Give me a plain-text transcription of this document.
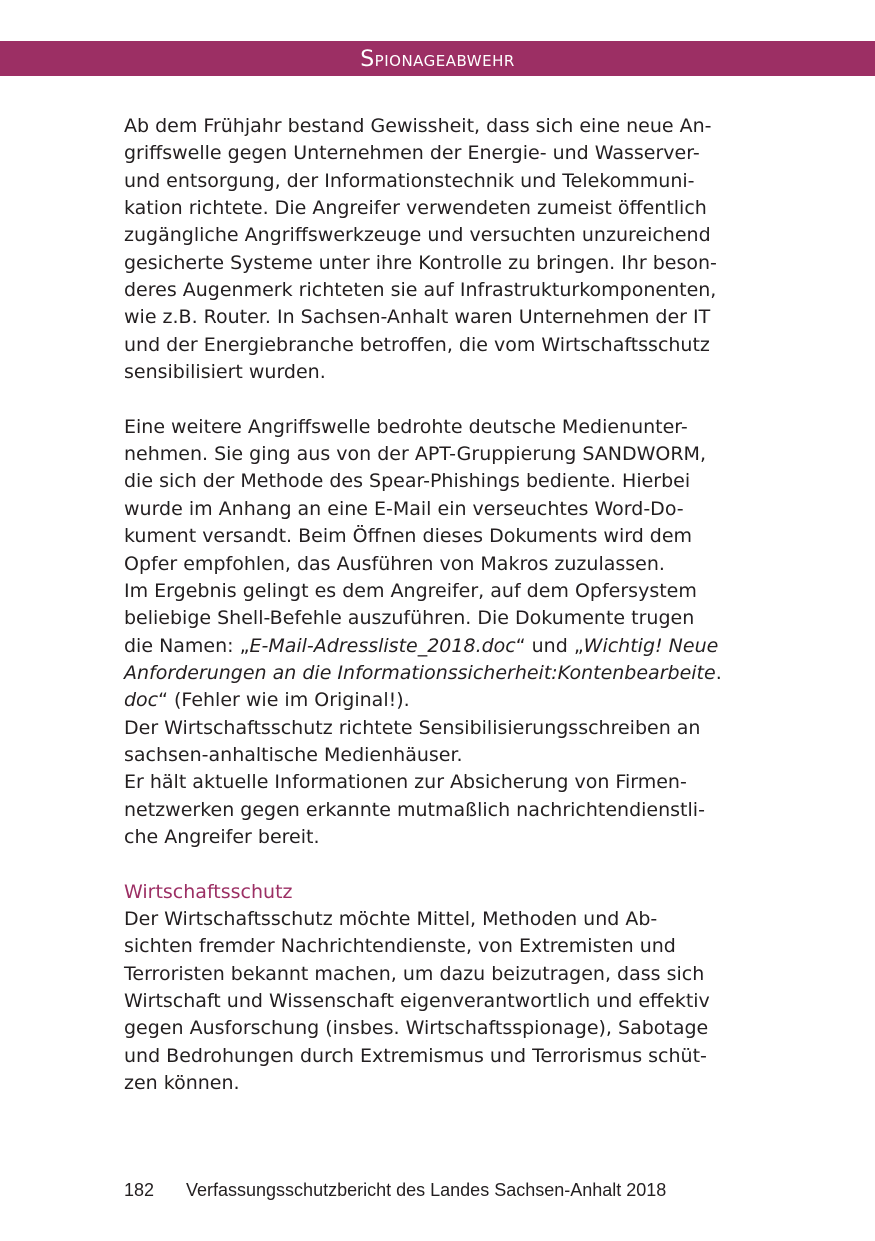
Spionageabwehr
Ab dem Frühjahr bestand Gewissheit, dass sich eine neue An-
griffswelle gegen Unternehmen der Energie- und Wasserver-
und entsorgung, der Informationstechnik und Telekommuni-
kation richtete. Die Angreifer verwendeten zumeist öffentlich
zugängliche Angriffswerkzeuge und versuchten unzureichend
gesicherte Systeme unter ihre Kontrolle zu bringen. Ihr beson-
deres Augenmerk richteten sie auf Infrastrukturkomponenten,
wie z.B. Router. In Sachsen-Anhalt waren Unternehmen der IT
und der Energiebranche betroffen, die vom Wirtschaftsschutz
sensibilisiert wurden.
Eine weitere Angriffswelle bedrohte deutsche Medienunter-
nehmen. Sie ging aus von der APT-Gruppierung SANDWORM,
die sich der Methode des Spear-Phishings bediente. Hierbei
wurde im Anhang an eine E-Mail ein verseuchtes Word-Do-
kument versandt. Beim Öffnen dieses Dokuments wird dem
Opfer empfohlen, das Ausführen von Makros zuzulassen.
Im Ergebnis gelingt es dem Angreifer, auf dem Opfersystem
beliebige Shell-Befehle auszuführen. Die Dokumente trugen
die Namen: „E-Mail-Adressliste_2018.doc“ und „Wichtig! Neue
Anforderungen an die Informationssicherheit:Kontenbearbeite.
doc“ (Fehler wie im Original!).
Der Wirtschaftsschutz richtete Sensibilisierungsschreiben an
sachsen-anhaltische Medienhäuser.
Er hält aktuelle Informationen zur Absicherung von Firmen-
netzwerken gegen erkannte mutmaßlich nachrichtendienstli-
che Angreifer bereit.
Wirtschaftsschutz
Der Wirtschaftsschutz möchte Mittel, Methoden und Ab-
sichten fremder Nachrichtendienste, von Extremisten und
Terroristen bekannt machen, um dazu beizutragen, dass sich
Wirtschaft und Wissenschaft eigenverantwortlich und effektiv
gegen Ausforschung (insbes. Wirtschaftsspionage), Sabotage
und Bedrohungen durch Extremismus und Terrorismus schüt-
zen können.
182 Verfassungsschutzbericht des Landes Sachsen-Anhalt 2018
